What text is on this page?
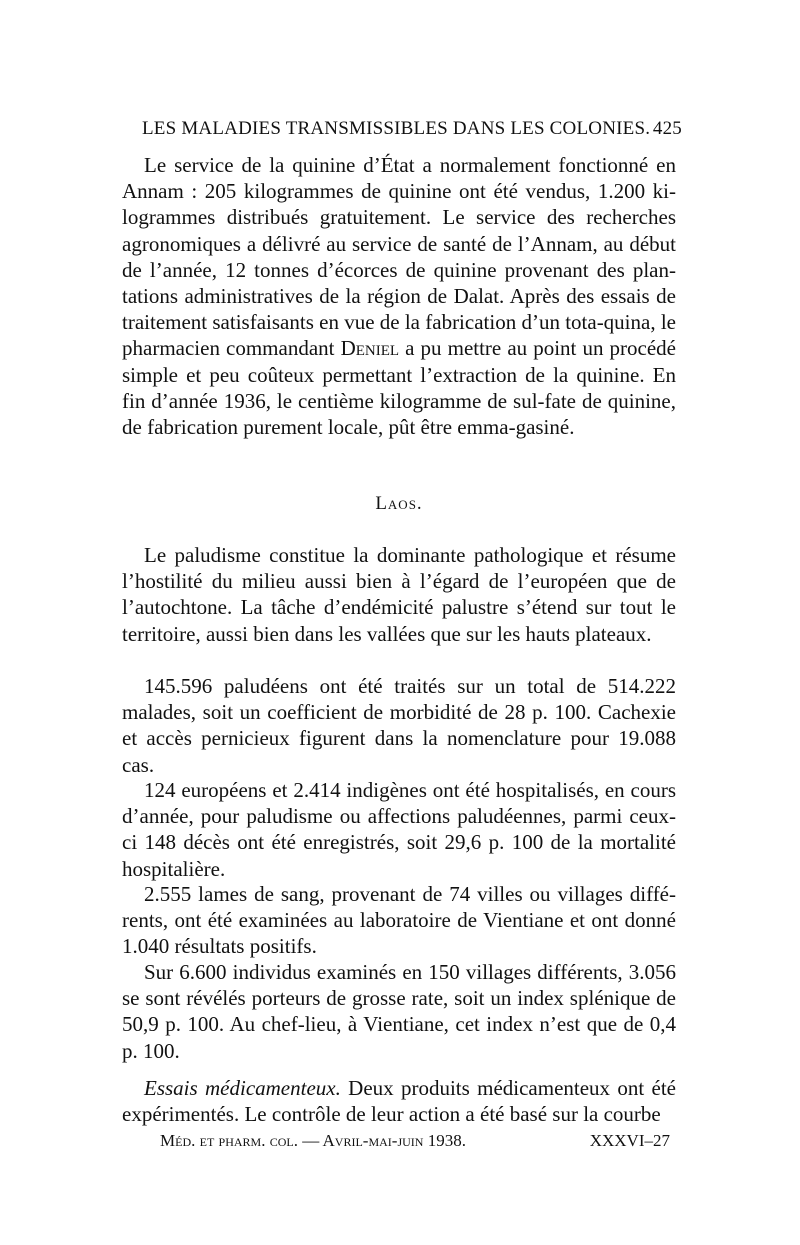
LES MALADIES TRANSMISSIBLES DANS LES COLONIES. 425

Le service de la quinine d’État a normalement fonctionné en Annam : 205 kilogrammes de quinine ont été vendus, 1.200 ki-logrammes distribués gratuitement. Le service des recherches agronomiques a délivré au service de santé de l’Annam, au début de l’année, 12 tonnes d’écorces de quinine provenant des plan-tations administratives de la région de Dalat. Après des essais de traitement satisfaisants en vue de la fabrication d’un tota-quina, le pharmacien commandant Deniel a pu mettre au point un procédé simple et peu coûteux permettant l’extraction de la quinine. En fin d’année 1936, le centième kilogramme de sul-fate de quinine, de fabrication purement locale, pût être emma-gasiné.

Laos.

Le paludisme constitue la dominante pathologique et résume l’hostilité du milieu aussi bien à l’égard de l’européen que de l’autochtone. La tâche d’endémicité palustre s’étend sur tout le territoire, aussi bien dans les vallées que sur les hauts plateaux.

145.596 paludéens ont été traités sur un total de 514.222 malades, soit un coefficient de morbidité de 28 p. 100. Cachexie et accès pernicieux figurent dans la nomenclature pour 19.088 cas.

124 européens et 2.414 indigènes ont été hospitalisés, en cours d’année, pour paludisme ou affections paludéennes, parmi ceux-ci 148 décès ont été enregistrés, soit 29,6 p. 100 de la mortalité hospitalière.

2.555 lames de sang, provenant de 74 villes ou villages diffé-rents, ont été examinées au laboratoire de Vientiane et ont donné 1.040 résultats positifs.

Sur 6.600 individus examinés en 150 villages différents, 3.056 se sont révélés porteurs de grosse rate, soit un index splénique de 50,9 p. 100. Au chef-lieu, à Vientiane, cet index n’est que de 0,4 p. 100.

Essais médicamenteux. Deux produits médicamenteux ont été expérimentés. Le contrôle de leur action a été basé sur la courbe

Méd. et pharm. col. — Avril-mai-juin 1938.	XXXVI–27
